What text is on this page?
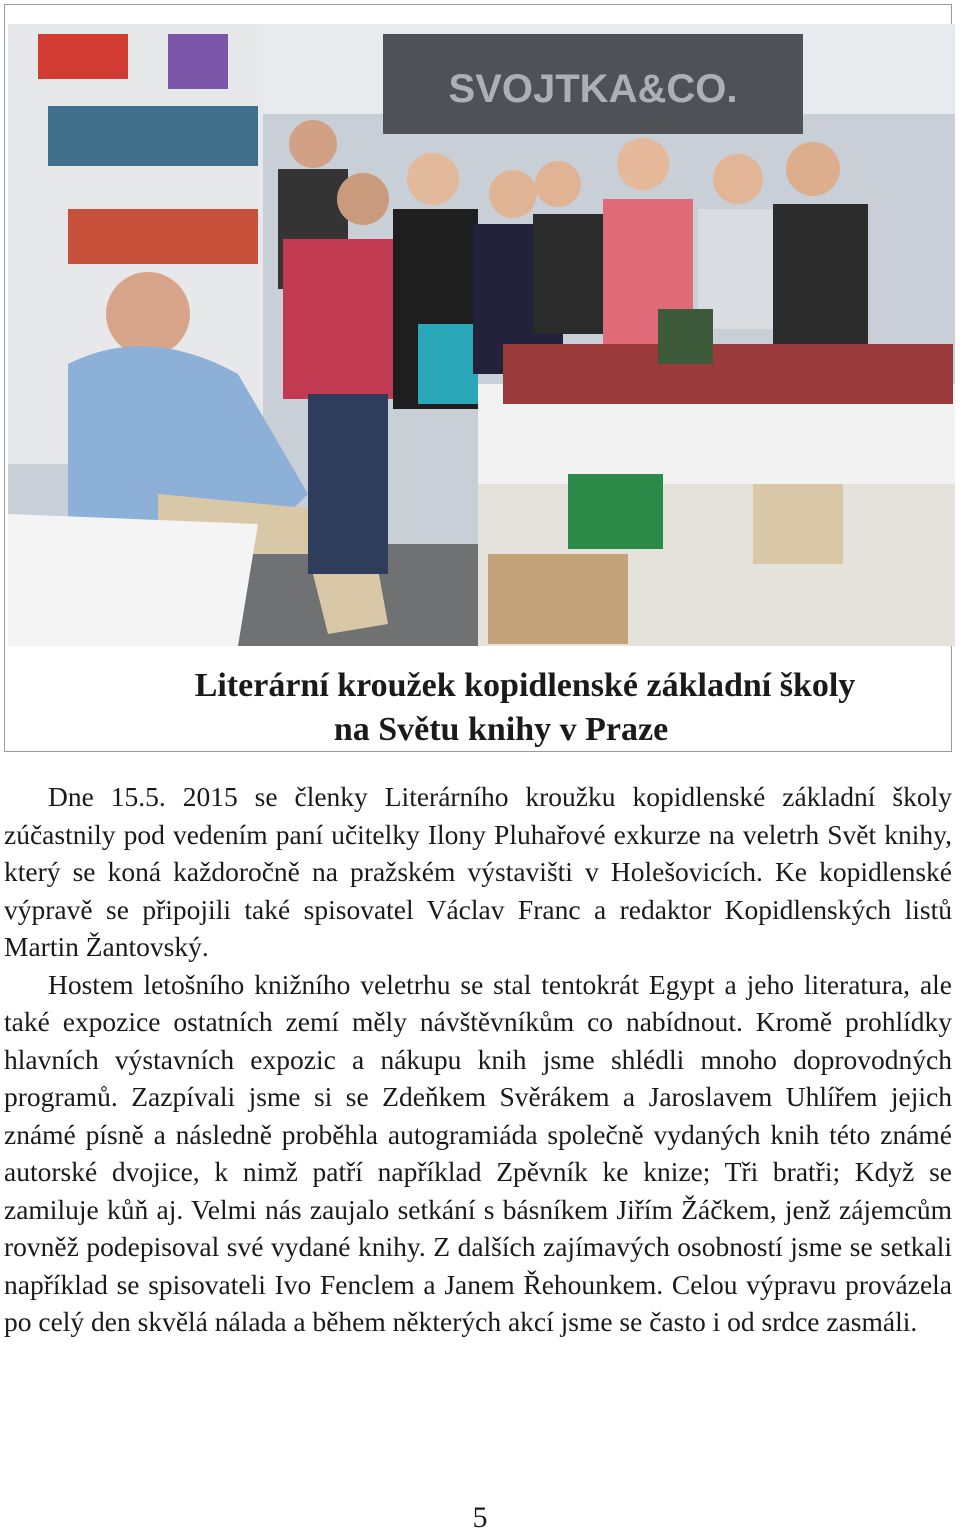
SVOJTKA&CO.
Literární kroužek kopidlenské základní školy
na Světu knihy v Praze

Dne 15.5. 2015 se členky Literárního kroužku kopidlenské základní školy zúčastnily pod vedením paní učitelky Ilony Pluhařové exkurze na veletrh Svět knihy, který se koná každoročně na pražském výstavišti v Holešovicích. Ke kopidlenské výpravě se připojili také spisovatel Václav Franc a redaktor Kopidlenských listů Martin Žantovský.

Hostem letošního knižního veletrhu se stal tentokrát Egypt a jeho literatura, ale také expozice ostatních zemí měly návštěvníkům co nabídnout. Kromě prohlídky hlavních výstavních expozic a nákupu knih jsme shlédli mnoho doprovodných programů. Zazpívali jsme si se Zdeňkem Svěrákem a Jaroslavem Uhlířem jejich známé písně a následně proběhla autogramiáda společně vydaných knih této známé autorské dvojice, k nimž patří například Zpěvník ke knize; Tři bratři; Když se zamiluje kůň aj. Velmi nás zaujalo setkání s básníkem Jiřím Žáčkem, jenž zájemcům rovněž podepisoval své vydané knihy. Z dalších zajímavých osobností jsme se setkali například se spisovateli Ivo Fenclem a Janem Řehounkem. Celou výpravu provázela po celý den skvělá nálada a během některých akcí jsme se často i od srdce zasmáli.

5
